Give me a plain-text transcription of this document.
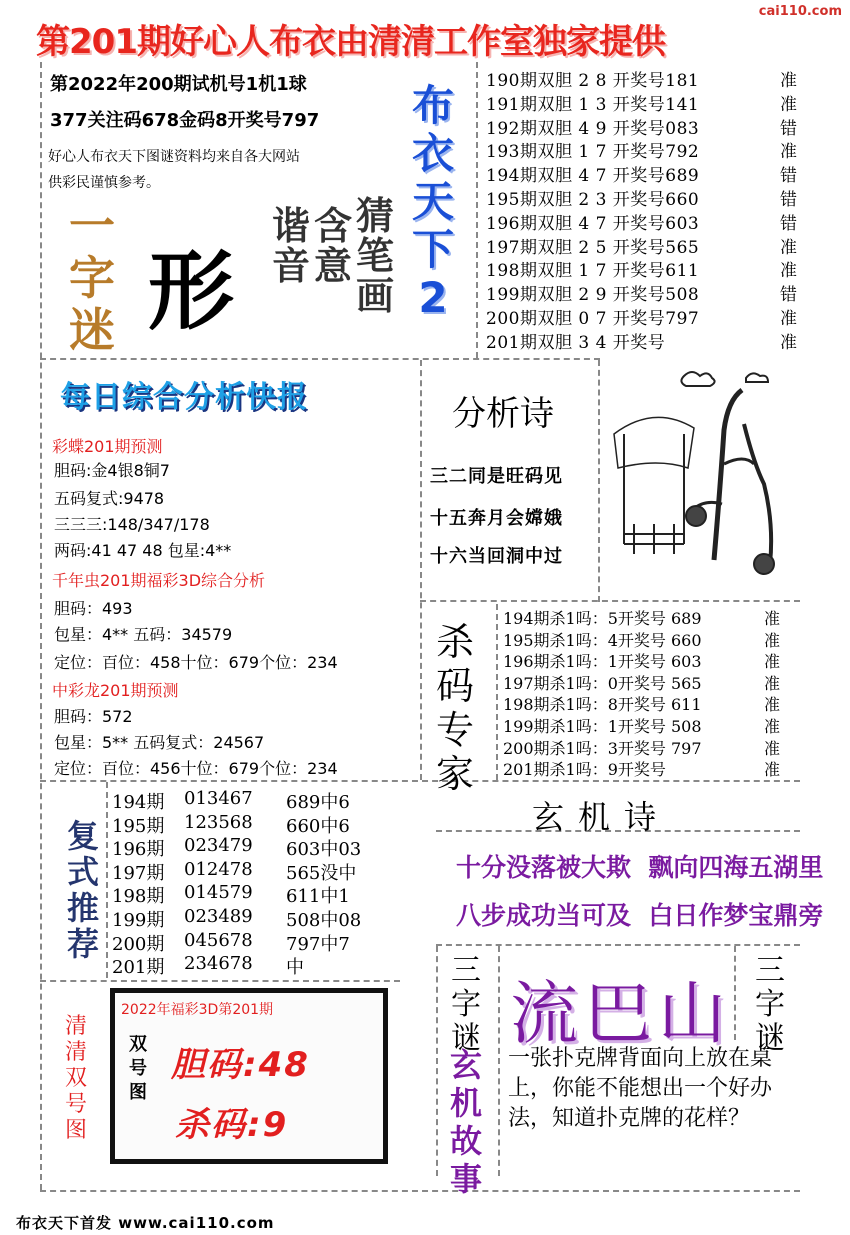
第201期好心人布衣由清清工作室独家提供
cai110.com
第2022年200期试机号1机1球
377关注码678金码8开奖号797
好心人布衣天下图谜资料均来自各大网站
供彩民谨慎参考。
布衣天下2
190期双胆 2 8 开奖号181	准
191期双胆 1 3 开奖号141	准
192期双胆 4 9 开奖号083	错
193期双胆 1 7 开奖号792	准
194期双胆 4 7 开奖号689	错
195期双胆 2 3 开奖号660	错
196期双胆 4 7 开奖号603	错
197期双胆 2 5 开奖号565	准
198期双胆 1 7 开奖号611	准
199期双胆 2 9 开奖号508	错
200期双胆 0 7 开奖号797	准
201期双胆 3 4 开奖号	准
一字迷 形
谐音
含意
猜笔画
每日综合分析快报
彩蝶201期预测
胆码:金4银8铜7
五码复式:9478
三三三:148/347/178
两码:41 47 48 包星:4**
千年虫201期福彩3D综合分析
胆码：493
包星：4** 五码：34579
定位：百位：458十位：679个位：234
中彩龙201期预测
胆码：572
包星：5** 五码复式：24567
定位：百位：456十位：679个位：234
分析诗
三二同是旺码见
十五奔月会嫦娥
十六当回洞中过
杀码专家
194期杀1吗：5开奖号 689	准
195期杀1吗：4开奖号 660	准
196期杀1吗：1开奖号 603	准
197期杀1吗：0开奖号 565	准
198期杀1吗：8开奖号 611	准
199期杀1吗：1开奖号 508	准
200期杀1吗：3开奖号 797	准
201期杀1吗：9开奖号	准
玄机诗
十分没落被大欺  飘向四海五湖里
八步成功当可及  白日作梦宝鼎旁
复式推荐
194期 013467 689中6
195期 123568 660中6
196期 023479 603中03
197期 012478 565没中
198期 014579 611中1
199期 023489 508中08
200期 045678 797中7
201期 234678 中
清清双号图
2022年福彩3D第201期
双号图
胆码:48
杀码:9
三字谜 流巴山
三字谜
玄机故事
一张扑克牌背面向上放在桌上，你能不能想出一个好办法，知道扑克牌的花样？
布衣天下首发 www.cai110.com
